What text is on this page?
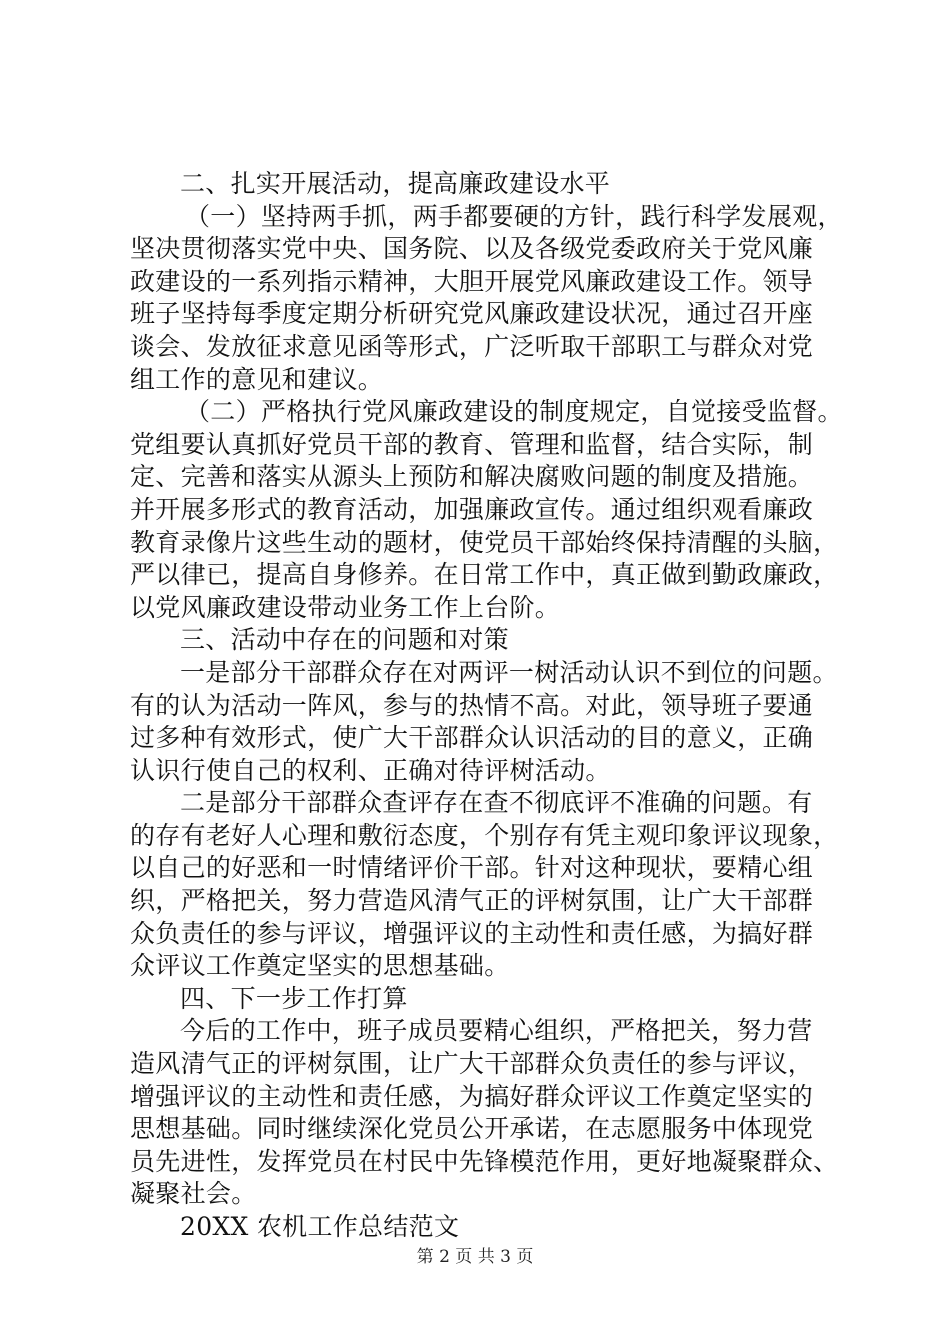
二、扎实开展活动，提高廉政建设水平
（一）坚持两手抓，两手都要硬的方针，践行科学发展观，
坚决贯彻落实党中央、国务院、以及各级党委政府关于党风廉
政建设的一系列指示精神，大胆开展党风廉政建设工作。领导
班子坚持每季度定期分析研究党风廉政建设状况，通过召开座
谈会、发放征求意见函等形式，广泛听取干部职工与群众对党
组工作的意见和建议。
（二）严格执行党风廉政建设的制度规定，自觉接受监督。
党组要认真抓好党员干部的教育、管理和监督，结合实际，制
定、完善和落实从源头上预防和解决腐败问题的制度及措施。
并开展多形式的教育活动，加强廉政宣传。通过组织观看廉政
教育录像片这些生动的题材，使党员干部始终保持清醒的头脑，
严以律已，提高自身修养。在日常工作中，真正做到勤政廉政，
以党风廉政建设带动业务工作上台阶。
三、活动中存在的问题和对策
一是部分干部群众存在对两评一树活动认识不到位的问题。
有的认为活动一阵风，参与的热情不高。对此，领导班子要通
过多种有效形式，使广大干部群众认识活动的目的意义，正确
认识行使自己的权利、正确对待评树活动。
二是部分干部群众查评存在查不彻底评不准确的问题。有
的存有老好人心理和敷衍态度，个别存有凭主观印象评议现象，
以自己的好恶和一时情绪评价干部。针对这种现状，要精心组
织，严格把关，努力营造风清气正的评树氛围，让广大干部群
众负责任的参与评议，增强评议的主动性和责任感，为搞好群
众评议工作奠定坚实的思想基础。
四、下一步工作打算
今后的工作中，班子成员要精心组织，严格把关，努力营
造风清气正的评树氛围，让广大干部群众负责任的参与评议，
增强评议的主动性和责任感，为搞好群众评议工作奠定坚实的
思想基础。同时继续深化党员公开承诺，在志愿服务中体现党
员先进性，发挥党员在村民中先锋模范作用，更好地凝聚群众、
凝聚社会。
20XX 农机工作总结范文
第 2 页 共 3 页
